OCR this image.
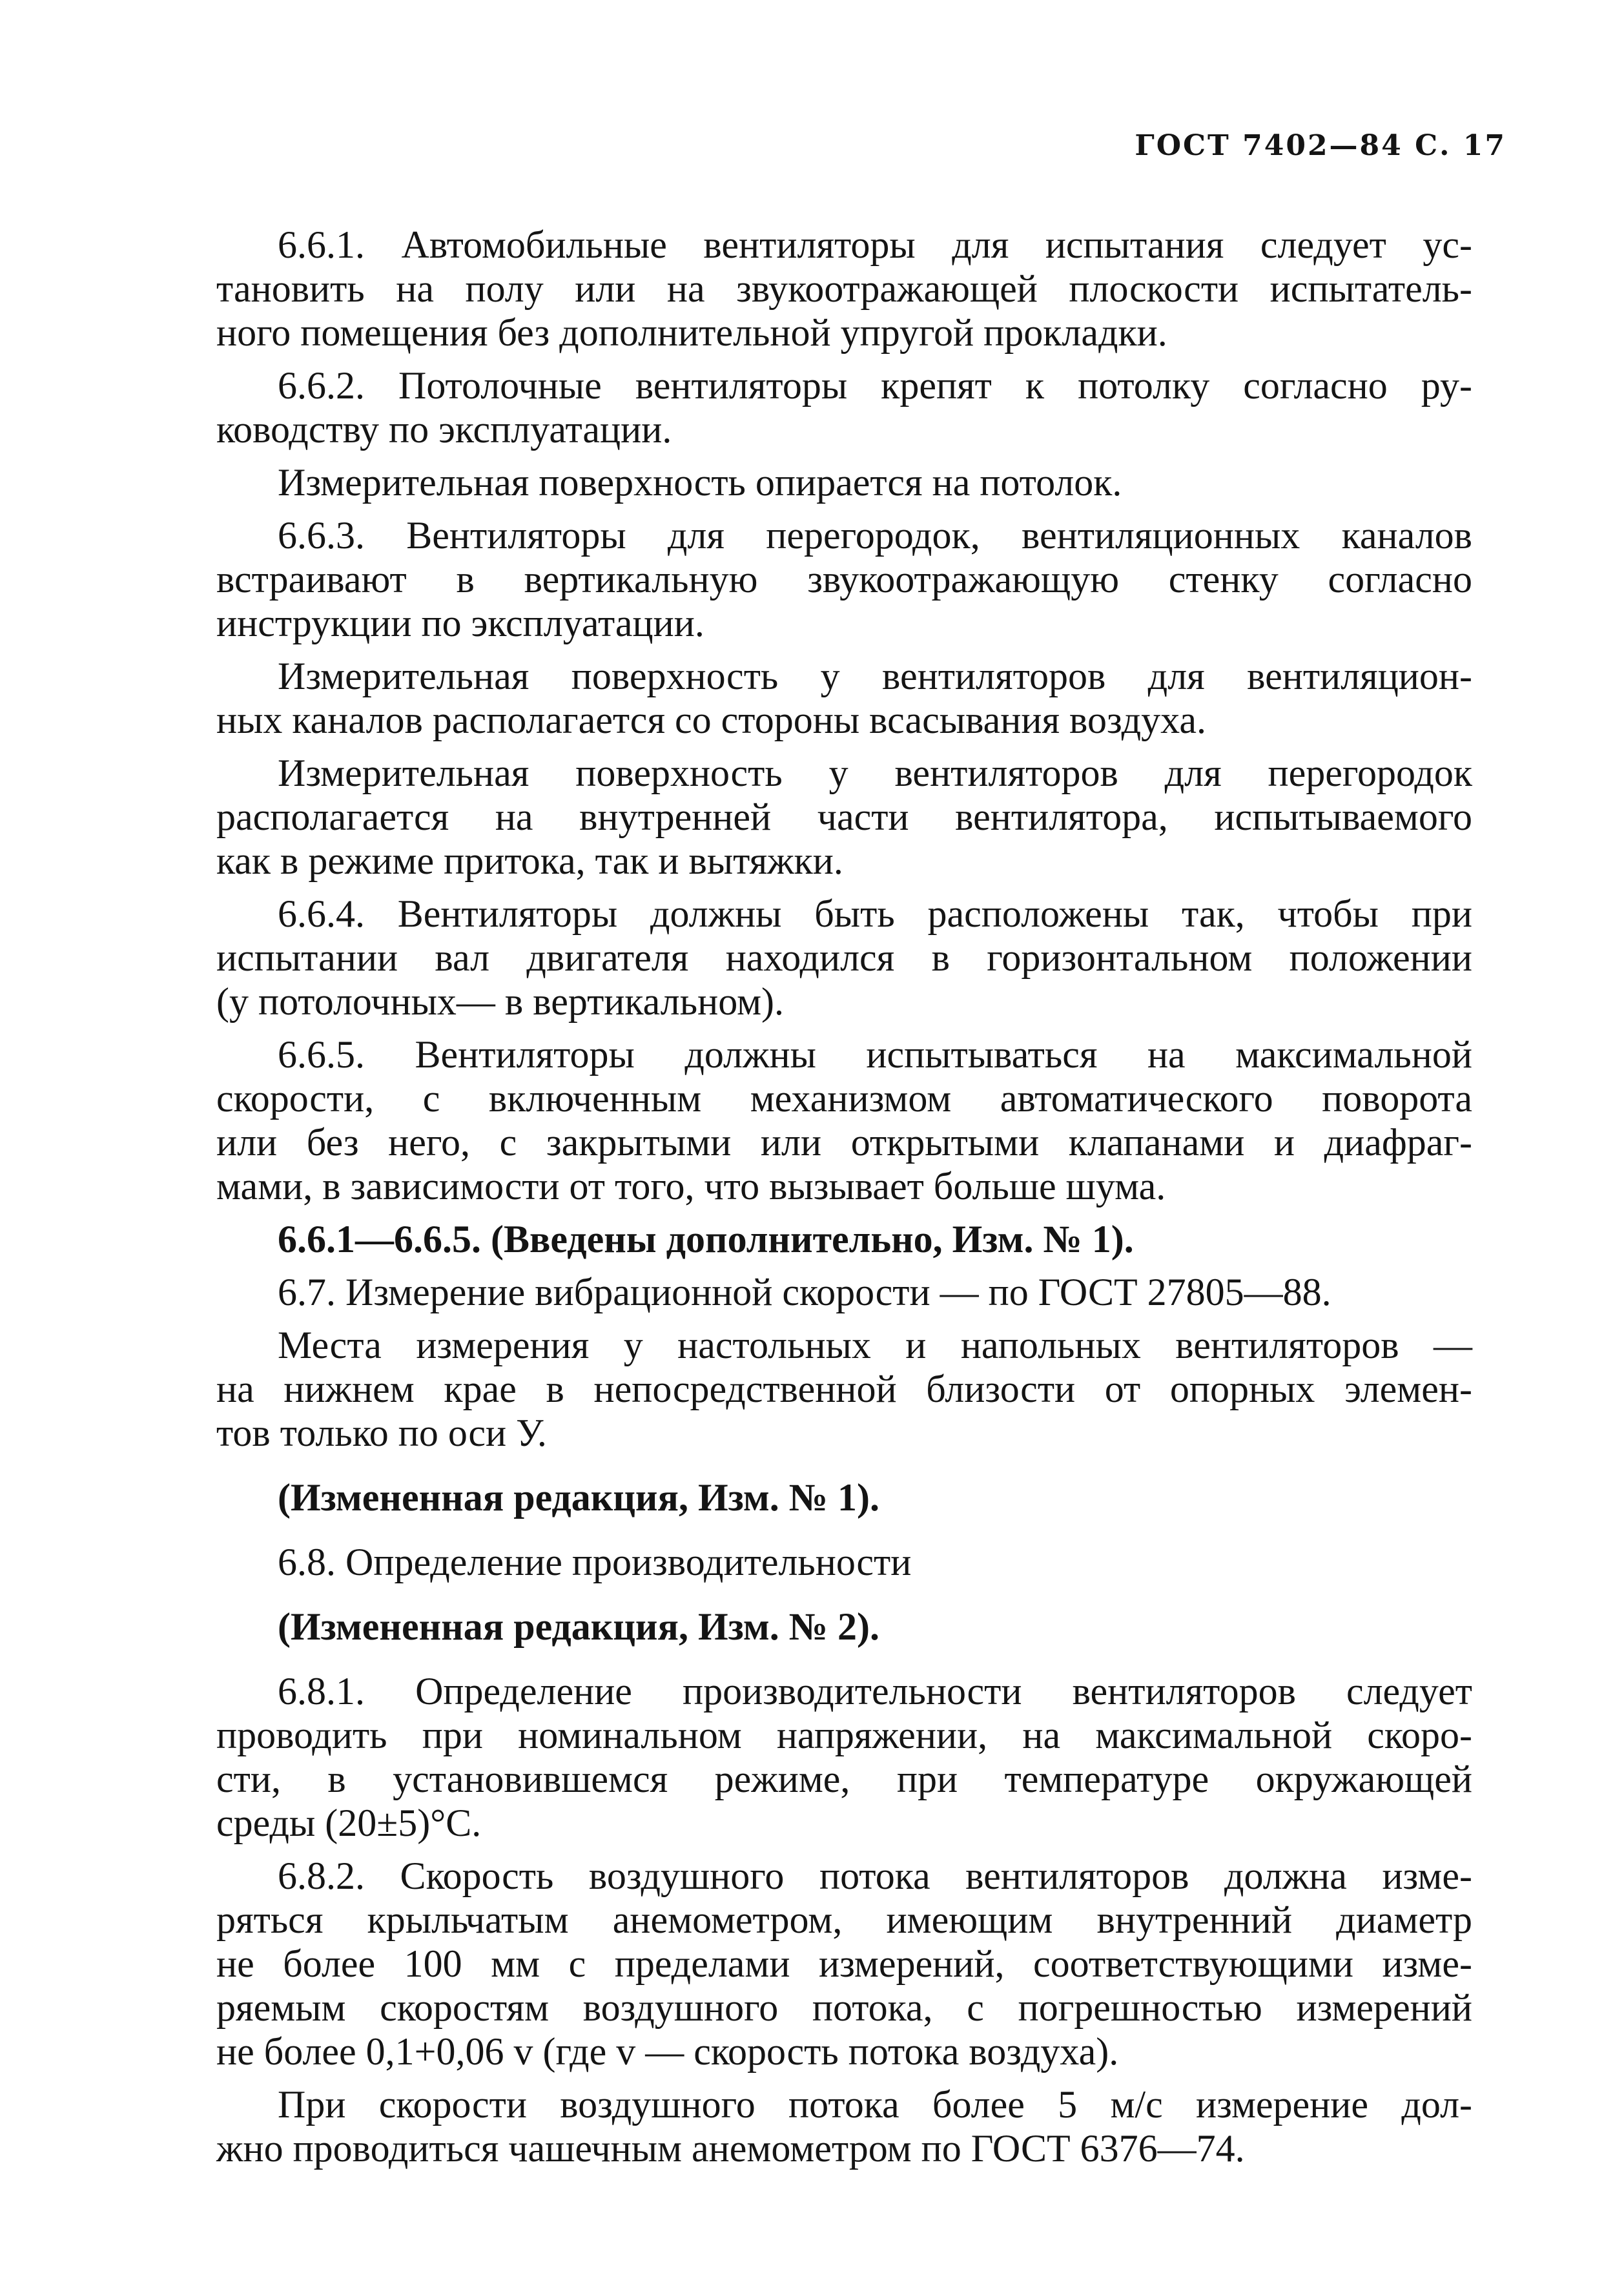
ГОСТ 7402—84 С. 17
6.6.1. Автомобильные вентиляторы для испытания следует ус-
тановить на полу или на звукоотражающей плоскости испытатель-
ного помещения без дополнительной упругой прокладки.
6.6.2. Потолочные вентиляторы крепят к потолку согласно ру-
ководству по эксплуатации.
Измерительная поверхность опирается на потолок.
6.6.3. Вентиляторы для перегородок, вентиляционных каналов
встраивают в вертикальную звукоотражающую стенку согласно
инструкции по эксплуатации.
Измерительная поверхность у вентиляторов для вентиляцион-
ных каналов располагается со стороны всасывания воздуха.
Измерительная поверхность у вентиляторов для перегородок
располагается на внутренней части вентилятора, испытываемого
как в режиме притока, так и вытяжки.
6.6.4. Вентиляторы должны быть расположены так, чтобы при
испытании вал двигателя находился в горизонтальном положении
(у потолочных— в вертикальном).
6.6.5. Вентиляторы должны испытываться на максимальной
скорости, с включенным механизмом автоматического поворота
или без него, с закрытыми или открытыми клапанами и диафраг-
мами, в зависимости от того, что вызывает больше шума.
6.6.1—6.6.5. (Введены дополнительно, Изм. № 1).
6.7. Измерение вибрационной скорости — по ГОСТ 27805—88.
Места измерения у настольных и напольных вентиляторов —
на нижнем крае в непосредственной близости от опорных элемен-
тов только по оси У.
(Измененная редакция, Изм. № 1).
6.8. Определение производительности
(Измененная редакция, Изм. № 2).
6.8.1. Определение производительности вентиляторов следует
проводить при номинальном напряжении, на максимальной скоро-
сти, в установившемся режиме, при температуре окружающей
среды (20±5)°С.
6.8.2. Скорость воздушного потока вентиляторов должна изме-
ряться крыльчатым анемометром, имеющим внутренний диаметр
не более 100 мм с пределами измерений, соответствующими изме-
ряемым скоростям воздушного потока, с погрешностью измерений
не более 0,1+0,06 v (где v — скорость потока воздуха).
При скорости воздушного потока более 5 м/с измерение дол-
жно проводиться чашечным анемометром по ГОСТ 6376—74.
